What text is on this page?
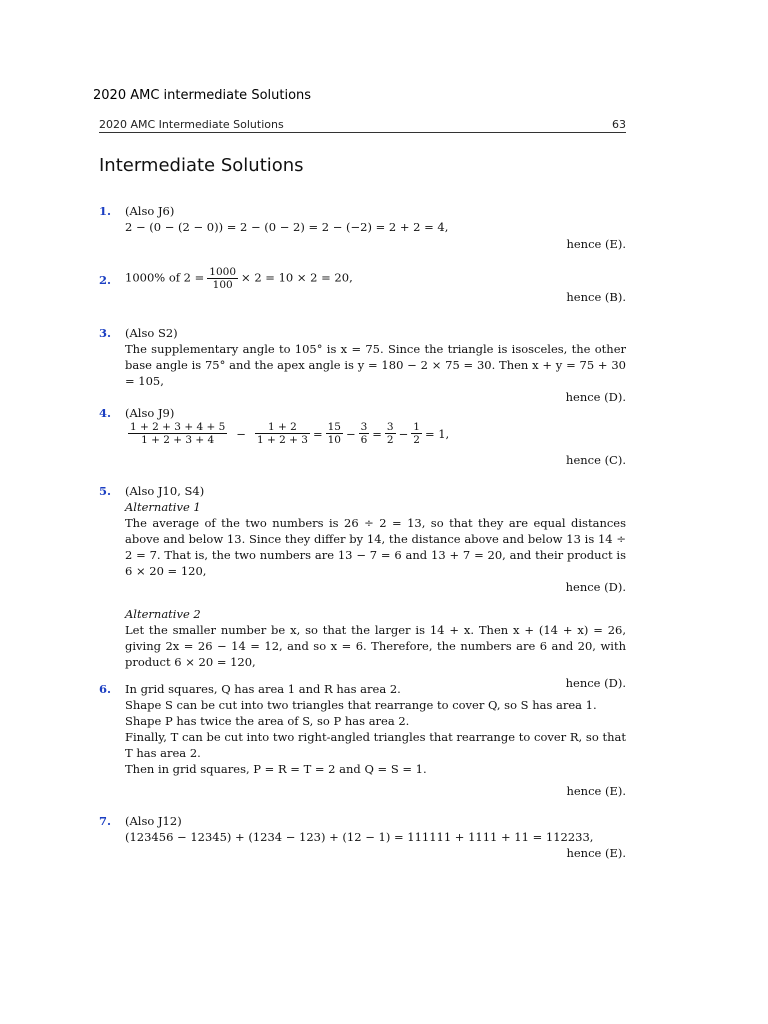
2020 AMC intermediate Solutions
2020 AMC Intermediate Solutions	63
Intermediate Solutions
1. (Also J6)
2 − (0 − (2 − 0)) = 2 − (0 − 2) = 2 − (−2) = 2 + 2 = 4,
hence (E).
2. 1000% of $2 = \frac{1000}{100} \times 2 = 10 \times 2 = 20$,
hence (B).
3. (Also S2)
The supplementary angle to 105° is x = 75. Since the triangle is isosceles, the other base angle is 75° and the apex angle is y = 180 − 2 × 75 = 30. Then x + y = 75 + 30 = 105,
hence (D).
4. (Also J9)
$\frac{1 + 2 + 3 + 4 + 5}{1 + 2 + 3 + 4} - \frac{1 + 2}{1 + 2 + 3} = \frac{15}{10} - \frac{3}{6} = \frac{3}{2} - \frac{1}{2} = 1$,
hence (C).
5. (Also J10, S4)
Alternative 1
The average of the two numbers is 26 ÷ 2 = 13, so that they are equal distances above and below 13. Since they differ by 14, the distance above and below 13 is 14 ÷ 2 = 7. That is, the two numbers are 13 − 7 = 6 and 13 + 7 = 20, and their product is 6 × 20 = 120,
hence (D).
Alternative 2
Let the smaller number be x, so that the larger is 14 + x. Then x + (14 + x) = 26, giving 2x = 26 − 14 = 12, and so x = 6. Therefore, the numbers are 6 and 20, with product 6 × 20 = 120,
hence (D).
6. In grid squares, Q has area 1 and R has area 2.
Shape S can be cut into two triangles that rearrange to cover Q, so S has area 1.
Shape P has twice the area of S, so P has area 2.
Finally, T can be cut into two right-angled triangles that rearrange to cover R, so that T has area 2.
Then in grid squares, P = R = T = 2 and Q = S = 1.
hence (E).
7. (Also J12)
(123456 − 12345) + (1234 − 123) + (12 − 1) = 111111 + 1111 + 11 = 112233,
hence (E).
